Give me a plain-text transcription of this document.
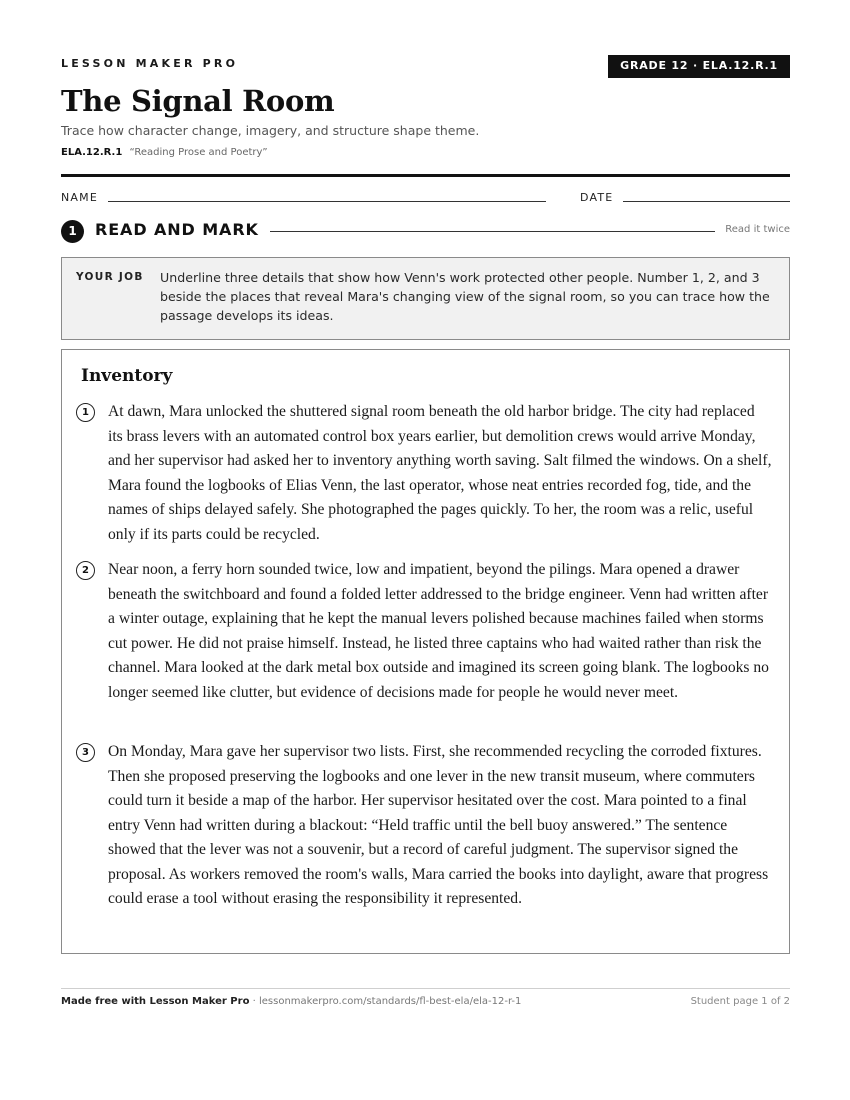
LESSON MAKER PRO	GRADE 12 · ELA.12.R.1
The Signal Room
Trace how character change, imagery, and structure shape theme.
ELA.12.R.1 “Reading Prose and Poetry”
NAME	DATE
1	READ AND MARK	Read it twice
YOUR JOB Underline three details that show how Venn's work protected other people. Number 1, 2, and 3 beside the places that reveal Mara's changing view of the signal room, so you can trace how the passage develops its ideas.
Inventory
1	At dawn, Mara unlocked the shuttered signal room beneath the old harbor bridge. The city had replaced its brass levers with an automated control box years earlier, but demolition crews would arrive Monday, and her supervisor had asked her to inventory anything worth saving. Salt filmed the windows. On a shelf, Mara found the logbooks of Elias Venn, the last operator, whose neat entries recorded fog, tide, and the names of ships delayed safely. She photographed the pages quickly. To her, the room was a relic, useful only if its parts could be recycled.
2	Near noon, a ferry horn sounded twice, low and impatient, beyond the pilings. Mara opened a drawer beneath the switchboard and found a folded letter addressed to the bridge engineer. Venn had written after a winter outage, explaining that he kept the manual levers polished because machines failed when storms cut power. He did not praise himself. Instead, he listed three captains who had waited rather than risk the channel. Mara looked at the dark metal box outside and imagined its screen going blank. The logbooks no longer seemed like clutter, but evidence of decisions made for people he would never meet.
3	On Monday, Mara gave her supervisor two lists. First, she recommended recycling the corroded fixtures. Then she proposed preserving the logbooks and one lever in the new transit museum, where commuters could turn it beside a map of the harbor. Her supervisor hesitated over the cost. Mara pointed to a final entry Venn had written during a blackout: “Held traffic until the bell buoy answered.” The sentence showed that the lever was not a souvenir, but a record of careful judgment. The supervisor signed the proposal. As workers removed the room's walls, Mara carried the books into daylight, aware that progress could erase a tool without erasing the responsibility it represented.
Made free with Lesson Maker Pro · lessonmakerpro.com/standards/fl-best-ela/ela-12-r-1	Student page 1 of 2
